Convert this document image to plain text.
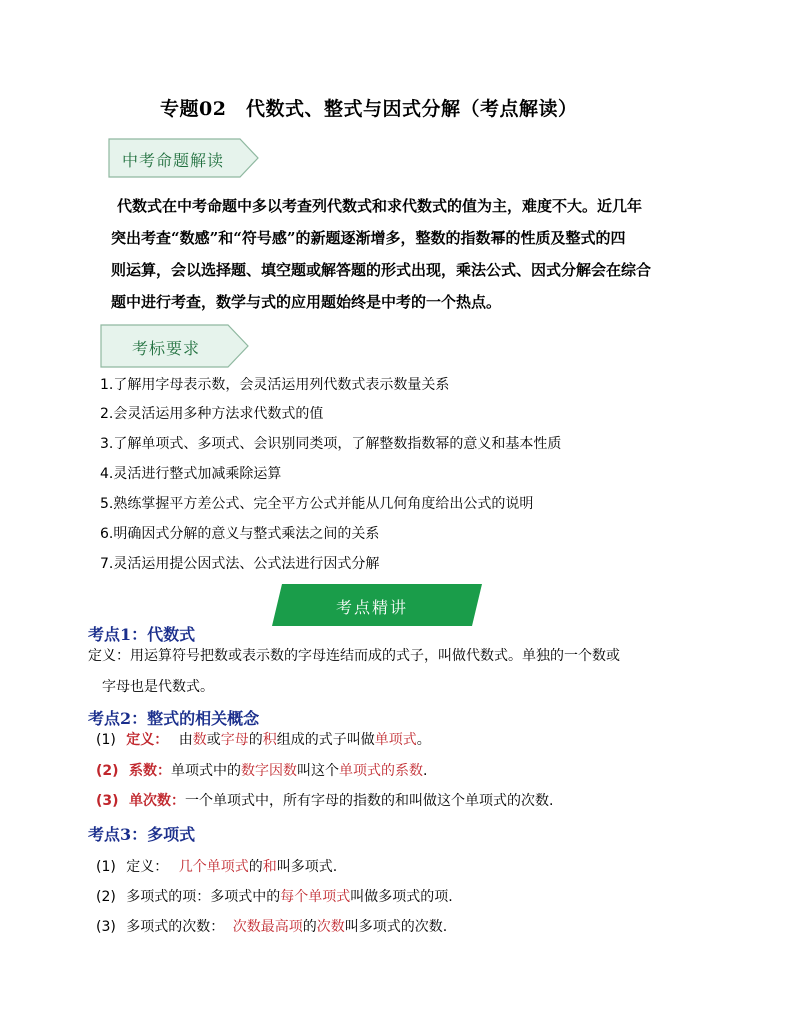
专题02　代数式、整式与因式分解（考点解读）
中考命题解读
代数式在中考命题中多以考查列代数式和求代数式的值为主，难度不大。近几年
突出考查“数感”和“符号感”的新题逐渐增多，整数的指数幂的性质及整式的四
则运算，会以选择题、填空题或解答题的形式出现，乘法公式、因式分解会在综合
题中进行考查，数学与式的应用题始终是中考的一个热点。
考标要求
1.了解用字母表示数，会灵活运用列代数式表示数量关系
2.会灵活运用多种方法求代数式的值
3.了解单项式、多项式、会识别同类项，了解整数指数幂的意义和基本性质
4.灵活进行整式加减乘除运算
5.熟练掌握平方差公式、完全平方公式并能从几何角度给出公式的说明
6.明确因式分解的意义与整式乘法之间的关系
7.灵活运用提公因式法、公式法进行因式分解
考点精讲
考点1：代数式
定义：用运算符号把数或表示数的字母连结而成的式子，叫做代数式。单独的一个数或
字母也是代数式。
考点2：整式的相关概念
(1) 定义： 由数或字母的积组成的式子叫做单项式。
(2) 系数：单项式中的数字因数叫这个单项式的系数.
(3) 单次数：一个单项式中，所有字母的指数的和叫做这个单项式的次数.
考点3：多项式
(1) 定义： 几个单项式的和叫多项式.
(2) 多项式的项：多项式中的每个单项式叫做多项式的项.
(3) 多项式的次数： 次数最高项的次数叫多项式的次数.
